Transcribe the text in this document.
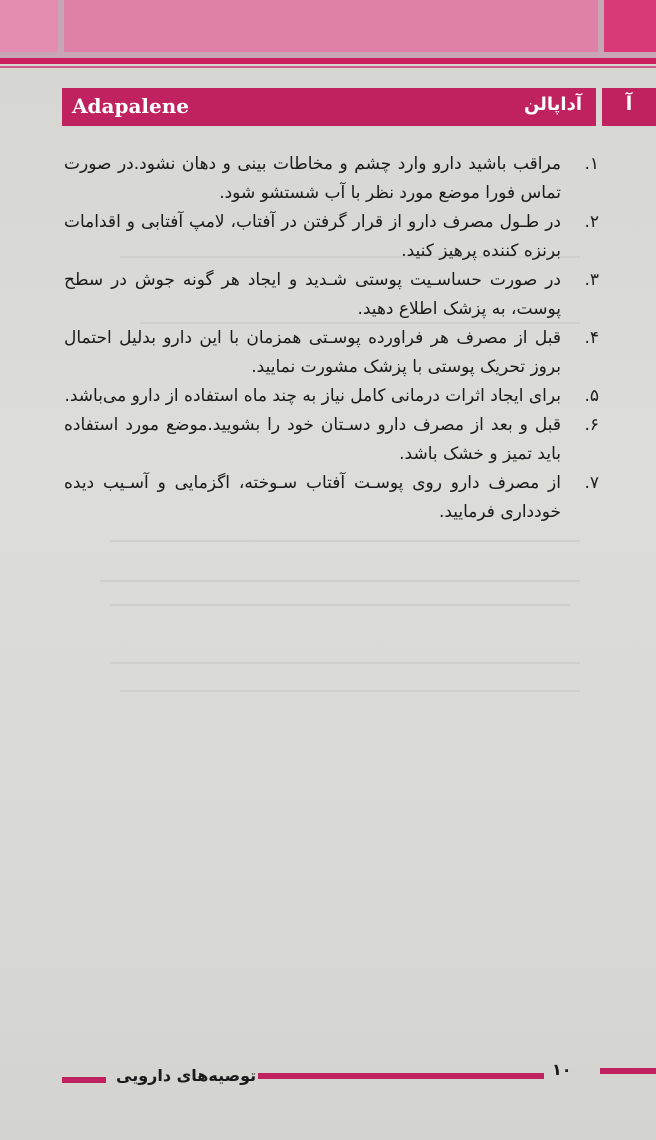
Adapalene	آداپالن	آ
۱.
مراقب باشید دارو وارد چشم و مخاطات بینی و دهان نشود.در صورت تماس فورا موضع مورد نظر با آب شستشو شود.
۲.
در طـول مصرف دارو از قرار گرفتن در آفتاب، لامپ آفتابی و اقدامات برنزه کننده پرهیز کنید.
۳.
در صورت حساسـیت پوستی شـدید و ایجاد هر گونه جوش در سطح پوست، به پزشک اطلاع دهید.
۴.
قبل از مصرف هر فراورده پوسـتی همزمان با این دارو بدلیل احتمال بروز تحریک پوستی با پزشک مشورت نمایید.
۵.
برای ایجاد اثرات درمانی کامل نیاز به چند ماه استفاده از دارو می‌باشد.
۶.
قبل و بعد از مصرف دارو دسـتان خود را بشویید.موضع مورد استفاده باید تمیز و خشک باشد.
۷.
از مصرف دارو روی پوسـت آفتاب سـوخته، اگزمایی و آسـیب دیده خودداری فرمایید.
توصیه‌های دارویی	۱۰
